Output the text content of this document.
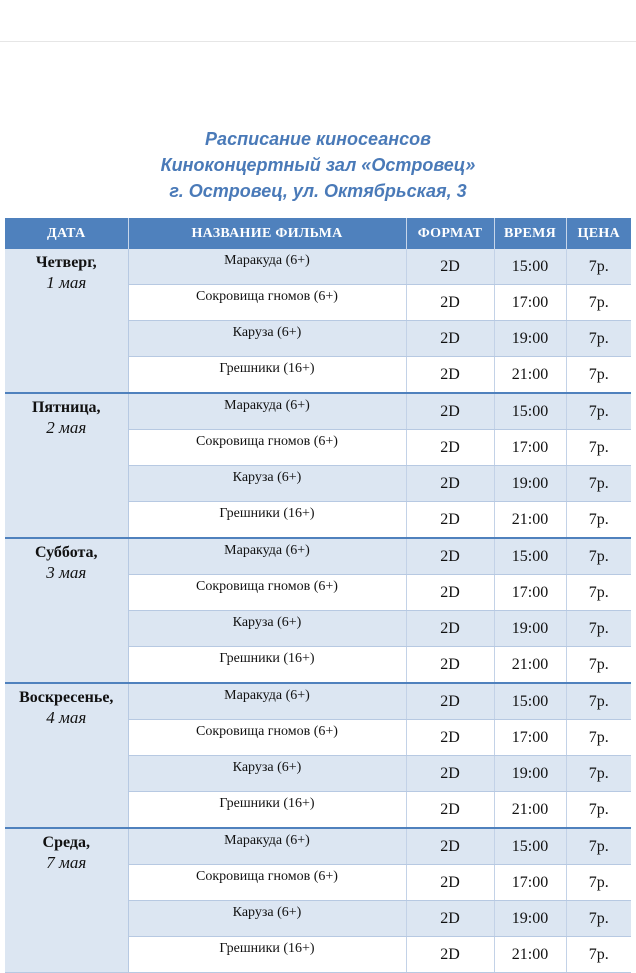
Расписание киносеансов
Киноконцертный зал «Островец»
г. Островец, ул. Октябрьская, 3
ДАТА	НАЗВАНИЕ ФИЛЬМА	ФОРМАТ	ВРЕМЯ	ЦЕНА

Четверг,
1 мая	Маракуда (6+)	2D	15:00	7р.
	Сокровища гномов (6+)	2D	17:00	7р.
	Каруза (6+)	2D	19:00	7р.
	Грешники (16+)	2D	21:00	7р.

Пятница,
2 мая	Маракуда (6+)	2D	15:00	7р.
	Сокровища гномов (6+)	2D	17:00	7р.
	Каруза (6+)	2D	19:00	7р.
	Грешники (16+)	2D	21:00	7р.

Суббота,
3 мая	Маракуда (6+)	2D	15:00	7р.
	Сокровища гномов (6+)	2D	17:00	7р.
	Каруза (6+)	2D	19:00	7р.
	Грешники (16+)	2D	21:00	7р.

Воскресенье,
4 мая	Маракуда (6+)	2D	15:00	7р.
	Сокровища гномов (6+)	2D	17:00	7р.
	Каруза (6+)	2D	19:00	7р.
	Грешники (16+)	2D	21:00	7р.

Среда,
7 мая	Маракуда (6+)	2D	15:00	7р.
	Сокровища гномов (6+)	2D	17:00	7р.
	Каруза (6+)	2D	19:00	7р.
	Грешники (16+)	2D	21:00	7р.
